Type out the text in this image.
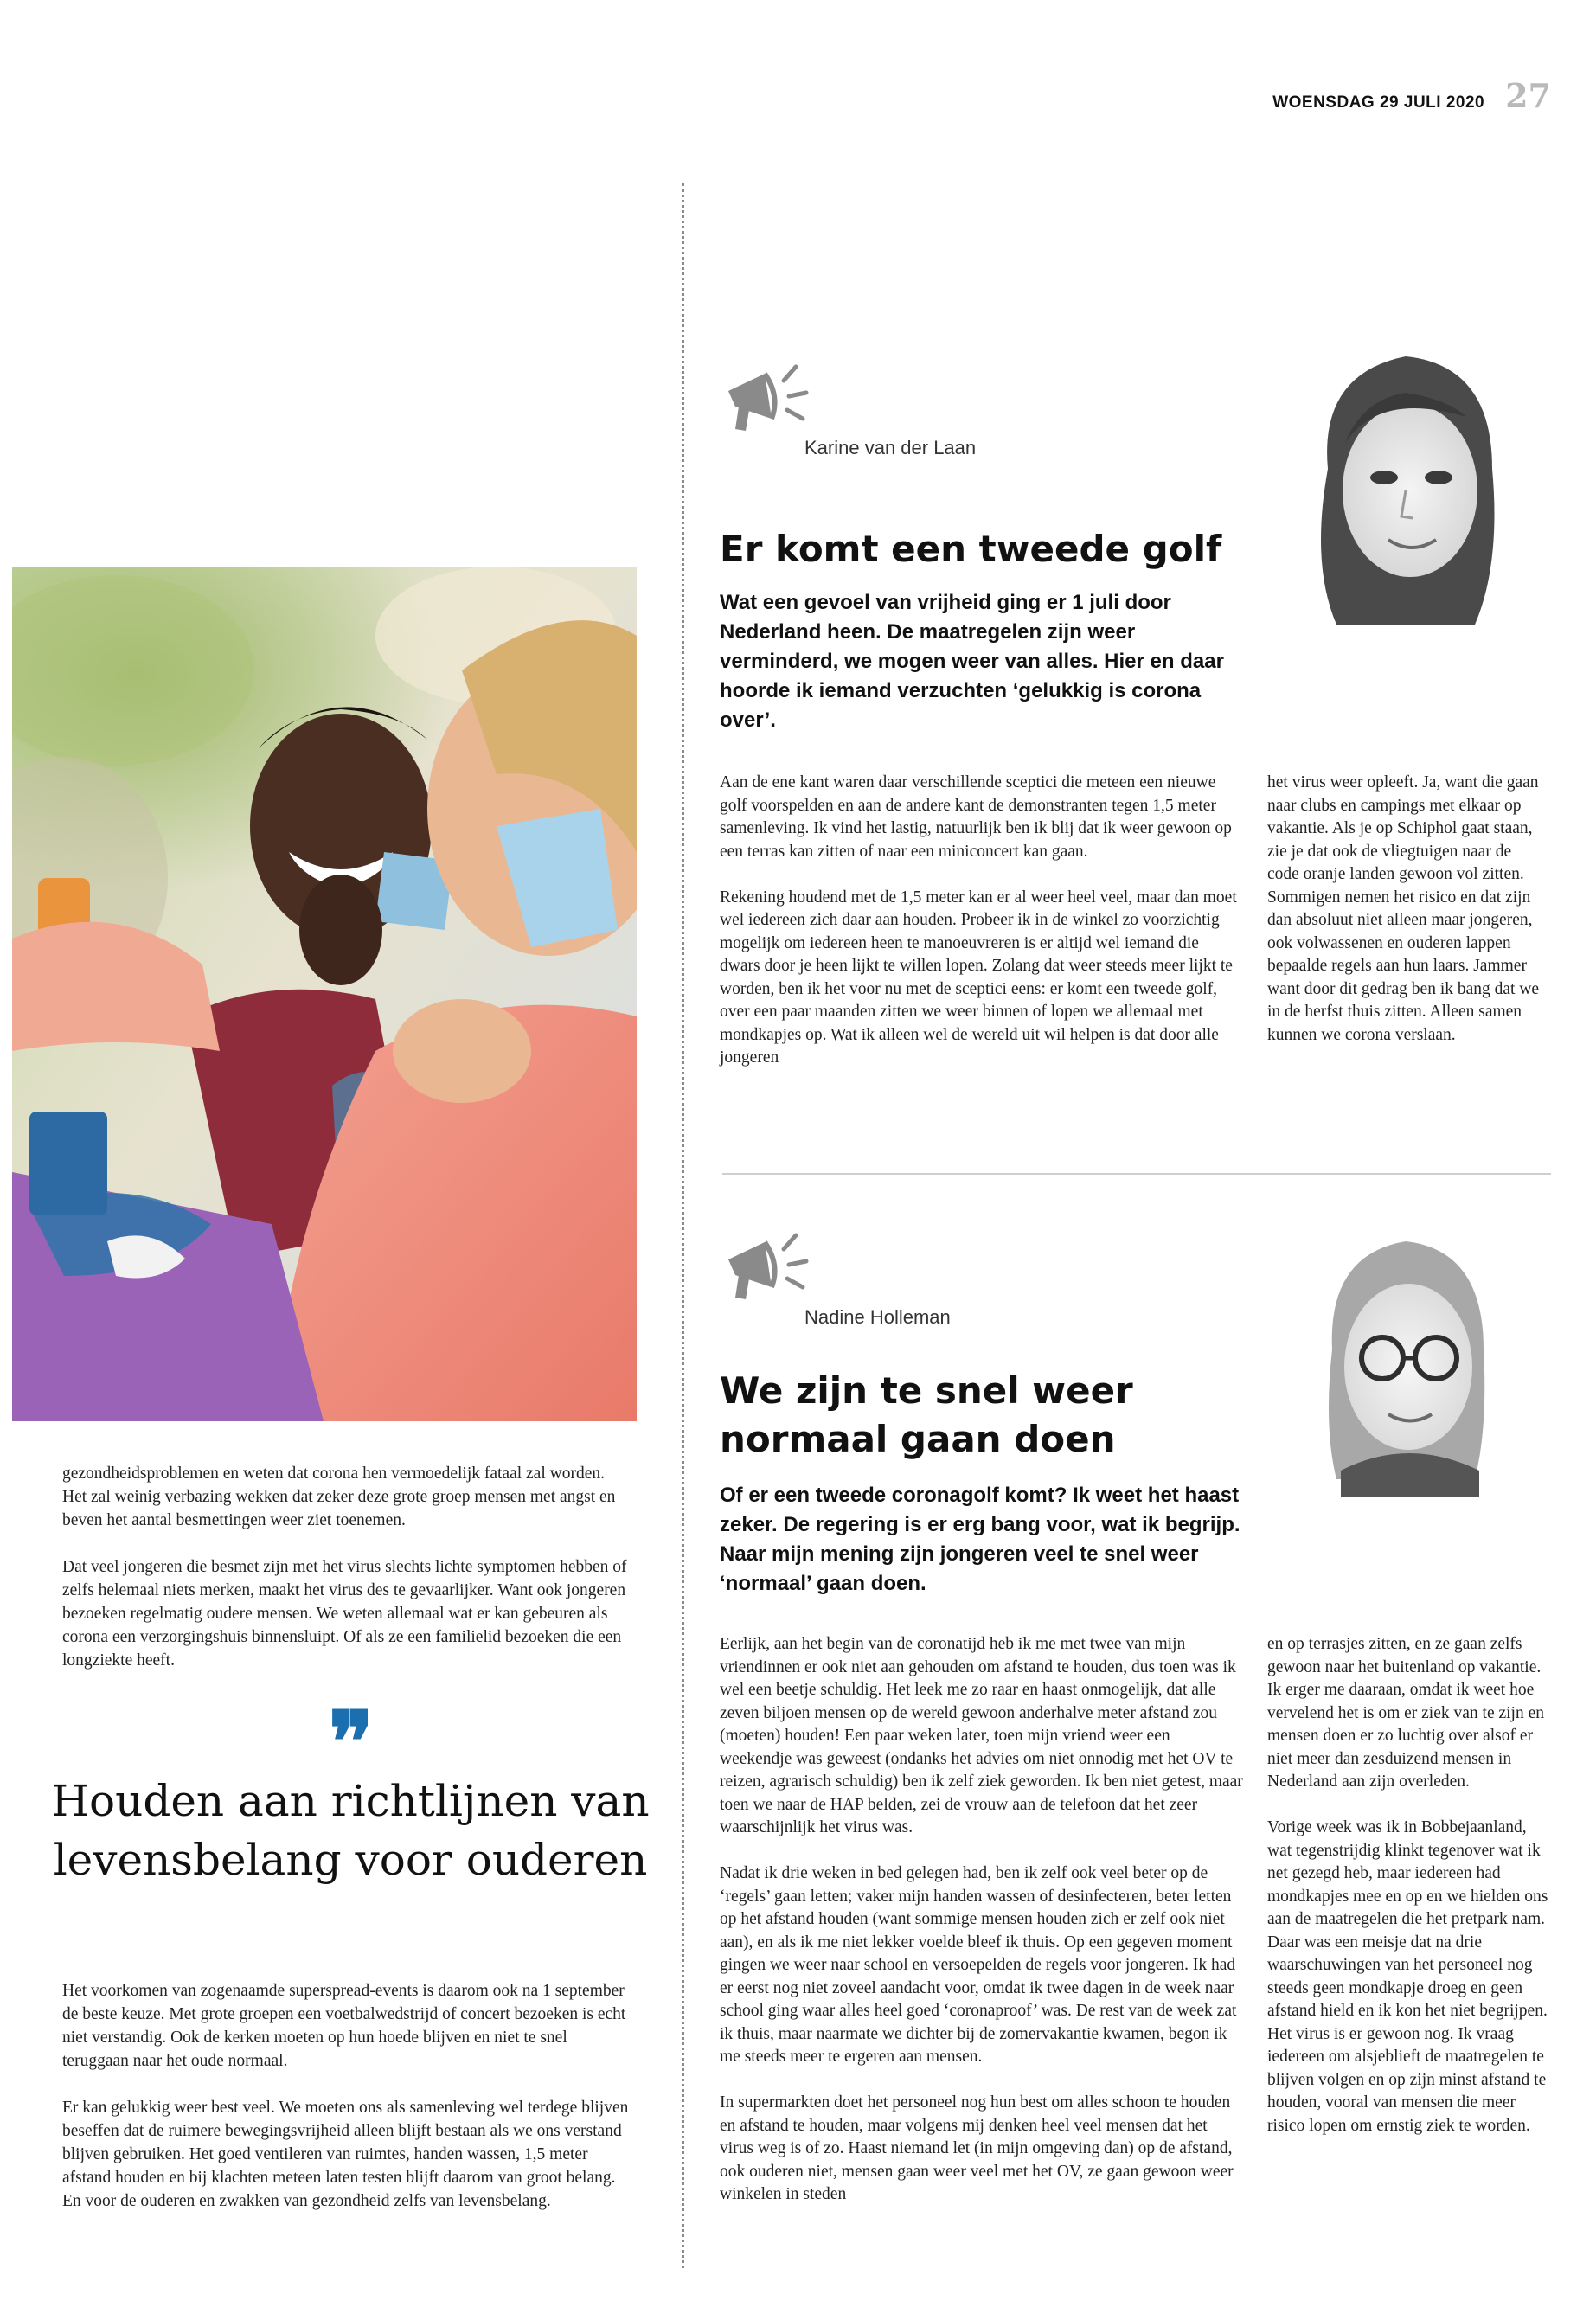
WOENSDAG 29 JULI 2020 27

gezondheidsproblemen en weten dat corona hen vermoedelijk fataal zal worden. Het zal weinig verbazing wekken dat zeker deze grote groep mensen met angst en beven het aantal besmettingen weer ziet toenemen.

Dat veel jongeren die besmet zijn met het virus slechts lichte symptomen hebben of zelfs helemaal niets merken, maakt het virus des te gevaarlijker. Want ook jongeren bezoeken regelmatig oudere mensen. We weten allemaal wat er kan gebeuren als corona een verzorgingshuis binnensluipt. Of als ze een familielid bezoeken die een longziekte heeft.

❞
Houden aan richtlijnen van levensbelang voor ouderen

Het voorkomen van zogenaamde superspread-events is daarom ook na 1 september de beste keuze. Met grote groepen een voetbalwedstrijd of concert bezoeken is echt niet verstandig. Ook de kerken moeten op hun hoede blijven en niet te snel teruggaan naar het oude normaal.

Er kan gelukkig weer best veel. We moeten ons als samenleving wel terdege blijven beseffen dat de ruimere bewegingsvrijheid alleen blijft bestaan als we ons verstand blijven gebruiken. Het goed ventileren van ruimtes, handen wassen, 1,5 meter afstand houden en bij klachten meteen laten testen blijft daarom van groot belang. En voor de ouderen en zwakken van gezondheid zelfs van levensbelang.

Karine van der Laan
Er komt een tweede golf
Wat een gevoel van vrijheid ging er 1 juli door Nederland heen. De maatregelen zijn weer verminderd, we mogen weer van alles. Hier en daar hoorde ik iemand verzuchten ‘gelukkig is corona over’.

Aan de ene kant waren daar verschillende sceptici die meteen een nieuwe golf voorspelden en aan de andere kant de demonstranten tegen 1,5 meter samenleving. Ik vind het lastig, natuurlijk ben ik blij dat ik weer gewoon op een terras kan zitten of naar een miniconcert kan gaan.

Rekening houdend met de 1,5 meter kan er al weer heel veel, maar dan moet wel iedereen zich daar aan houden. Probeer ik in de winkel zo voorzichtig mogelijk om iedereen heen te manoeuvreren is er altijd wel iemand die dwars door je heen lijkt te willen lopen. Zolang dat weer steeds meer lijkt te worden, ben ik het voor nu met de sceptici eens: er komt een tweede golf, over een paar maanden zitten we weer binnen of lopen we allemaal met mondkapjes op. Wat ik alleen wel de wereld uit wil helpen is dat door alle jongeren

het virus weer opleeft. Ja, want die gaan naar clubs en campings met elkaar op vakantie. Als je op Schiphol gaat staan, zie je dat ook de vliegtuigen naar de code oranje landen gewoon vol zitten. Sommigen nemen het risico en dat zijn dan absoluut niet alleen maar jongeren, ook volwassenen en ouderen lappen bepaalde regels aan hun laars. Jammer want door dit gedrag ben ik bang dat we in de herfst thuis zitten. Alleen samen kunnen we corona verslaan.

Nadine Holleman
We zijn te snel weer
normaal gaan doen
Of er een tweede coronagolf komt? Ik weet het haast zeker. De regering is er erg bang voor, wat ik begrijp. Naar mijn mening zijn jongeren veel te snel weer ‘normaal’ gaan doen.

Eerlijk, aan het begin van de coronatijd heb ik me met twee van mijn vriendinnen er ook niet aan gehouden om afstand te houden, dus toen was ik wel een beetje schuldig. Het leek me zo raar en haast onmogelijk, dat alle zeven biljoen mensen op de wereld gewoon anderhalve meter afstand zou (moeten) houden! Een paar weken later, toen mijn vriend weer een weekendje was geweest (ondanks het advies om niet onnodig met het OV te reizen, agrarisch schuldig) ben ik zelf ziek geworden. Ik ben niet getest, maar toen we naar de HAP belden, zei de vrouw aan de telefoon dat het zeer waarschijnlijk het virus was.

Nadat ik drie weken in bed gelegen had, ben ik zelf ook veel beter op de ‘regels’ gaan letten; vaker mijn handen wassen of desinfecteren, beter letten op het afstand houden (want sommige mensen houden zich er zelf ook niet aan), en als ik me niet lekker voelde bleef ik thuis. Op een gegeven moment gingen we weer naar school en versoepelden de regels voor jongeren. Ik had er eerst nog niet zoveel aandacht voor, omdat ik twee dagen in de week naar school ging waar alles heel goed ‘coronaproof’ was. De rest van de week zat ik thuis, maar naarmate we dichter bij de zomervakantie kwamen, begon ik me steeds meer te ergeren aan mensen.

In supermarkten doet het personeel nog hun best om alles schoon te houden en afstand te houden, maar volgens mij denken heel veel mensen dat het virus weg is of zo. Haast niemand let (in mijn omgeving dan) op de afstand, ook ouderen niet, mensen gaan weer veel met het OV, ze gaan gewoon weer winkelen in steden

en op terrasjes zitten, en ze gaan zelfs gewoon naar het buitenland op vakantie. Ik erger me daaraan, omdat ik weet hoe vervelend het is om er ziek van te zijn en mensen doen er zo luchtig over alsof er niet meer dan zesduizend mensen in Nederland aan zijn overleden.

Vorige week was ik in Bobbejaanland, wat tegenstrijdig klinkt tegenover wat ik net gezegd heb, maar iedereen had mondkapjes mee en op en we hielden ons aan de maatregelen die het pretpark nam. Daar was een meisje dat na drie waarschuwingen van het personeel nog steeds geen mondkapje droeg en geen afstand hield en ik kon het niet begrijpen. Het virus is er gewoon nog. Ik vraag iedereen om alsjeblieft de maatregelen te blijven volgen en op zijn minst afstand te houden, vooral van mensen die meer risico lopen om ernstig ziek te worden.
